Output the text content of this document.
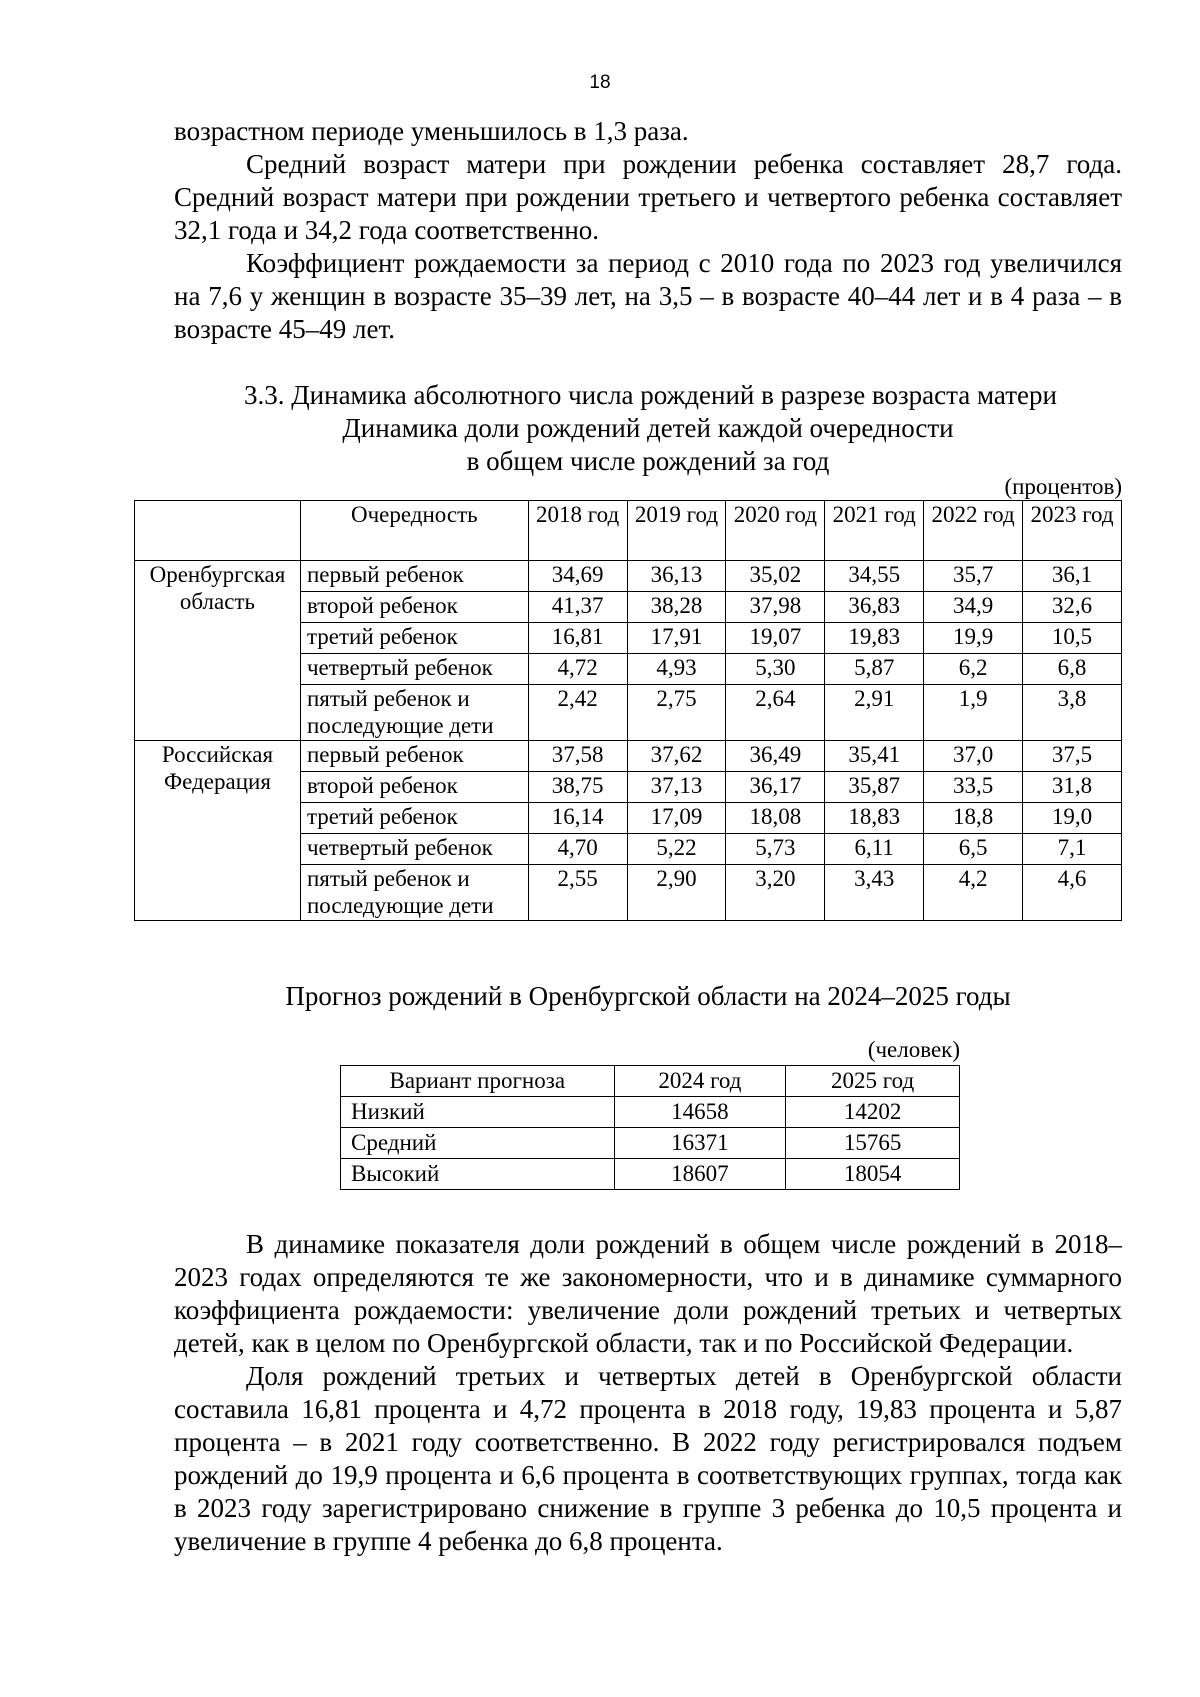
18

возрастном периоде уменьшилось в 1,3 раза.

Средний возраст матери при рождении ребенка составляет 28,7 года. Средний возраст матери при рождении третьего и четвертого ребенка составляет 32,1 года и 34,2 года соответственно.

Коэффициент рождаемости за период с 2010 года по 2023 год увеличился на 7,6 у женщин в возрасте 35–39 лет, на 3,5 – в возрасте 40–44 лет и в 4 раза – в возрасте 45–49 лет.

3.3. Динамика абсолютного числа рождений в разрезе возраста матери
Динамика доли рождений детей каждой очередности
в общем числе рождений за год
(процентов)
	Очередность	2018 год	2019 год	2020 год	2021 год	2022 год	2023 год
Оренбургская область	первый ребенок	34,69	36,13	35,02	34,55	35,7	36,1
	второй ребенок	41,37	38,28	37,98	36,83	34,9	32,6
	третий ребенок	16,81	17,91	19,07	19,83	19,9	10,5
	четвертый ребенок	4,72	4,93	5,30	5,87	6,2	6,8
	пятый ребенок и последующие дети	2,42	2,75	2,64	2,91	1,9	3,8
Российская Федерация	первый ребенок	37,58	37,62	36,49	35,41	37,0	37,5
	второй ребенок	38,75	37,13	36,17	35,87	33,5	31,8
	третий ребенок	16,14	17,09	18,08	18,83	18,8	19,0
	четвертый ребенок	4,70	5,22	5,73	6,11	6,5	7,1
	пятый ребенок и последующие дети	2,55	2,90	3,20	3,43	4,2	4,6
Прогноз рождений в Оренбургской области на 2024–2025 годы
(человек)
Вариант прогноза	2024 год	2025 год
Низкий	14658	14202
Средний	16371	15765
Высокий	18607	18054

В динамике показателя доли рождений в общем числе рождений в 2018–2023 годах определяются те же закономерности, что и в динамике суммарного коэффициента рождаемости: увеличение доли рождений третьих и четвертых детей, как в целом по Оренбургской области, так и по Российской Федерации.

Доля рождений третьих и четвертых детей в Оренбургской области составила 16,81 процента и 4,72 процента в 2018 году, 19,83 процента и 5,87 процента – в 2021 году соответственно. В 2022 году регистрировался подъем рождений до 19,9 процента и 6,6 процента в соответствующих группах, тогда как в 2023 году зарегистрировано снижение в группе 3 ребенка до 10,5 процента и увеличение в группе 4 ребенка до 6,8 процента.
